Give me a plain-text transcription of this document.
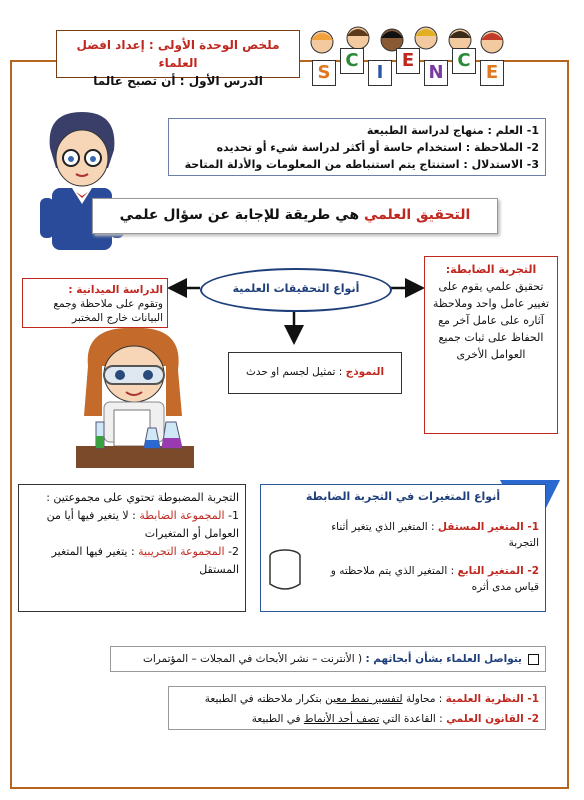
ملخص الوحدة الأولى : إعداد افضل العلماء
الدرس الأول : أن تصبح عالما	S
C
I
E
N
C
E
1- العلم : منهاج لدراسة الطبيعة
2- الملاحظة : استخدام حاسة أو أكثر لدراسة شيء أو تحديده
3- الاستدلال : استنتاج يتم استنباطه من المعلومات والأدلة المتاحة
التحقيق العلمي هي طريقة للإجابة عن سؤال علمي
أنواع التحقيقات العلمية
الدراسة الميدانية :
وتقوم على ملاحظة وجمع البيانات خارج المختبر
التجربة الضابطة:
تحقيق علمي يقوم على تغيير عامل واحد وملاحظة آثاره على عامل آخر مع الحفاظ على ثبات جميع العوامل الأخرى
النموذج : تمثيل لجسم او حدث
التجربة المضبوطة تحتوي على مجموعتين :
1- المجموعة الضابطة : لا يتغير فيها أيا من العوامل أو المتغيرات
2- المجموعة التجريبية : يتغير فيها المتغير المستقل
أنواع المتغيرات في التجربة الضابطة
1- المتغير المستقل : المتغير الذي يتغير أثناء التجربة
2- المتغير التابع : المتغير الذي يتم ملاحظته و قياس مدى أثره
يتواصل العلماء بشأن أبحاثهم : ( الأنترنت – نشر الأبحاث في المجلات – المؤتمرات
1- النظرية العلمية : محاولة لتفسير نمط معين بتكرار ملاحظته في الطبيعة
2- القانون العلمي : القاعدة التي تصف أحد الأنماط في الطبيعة
